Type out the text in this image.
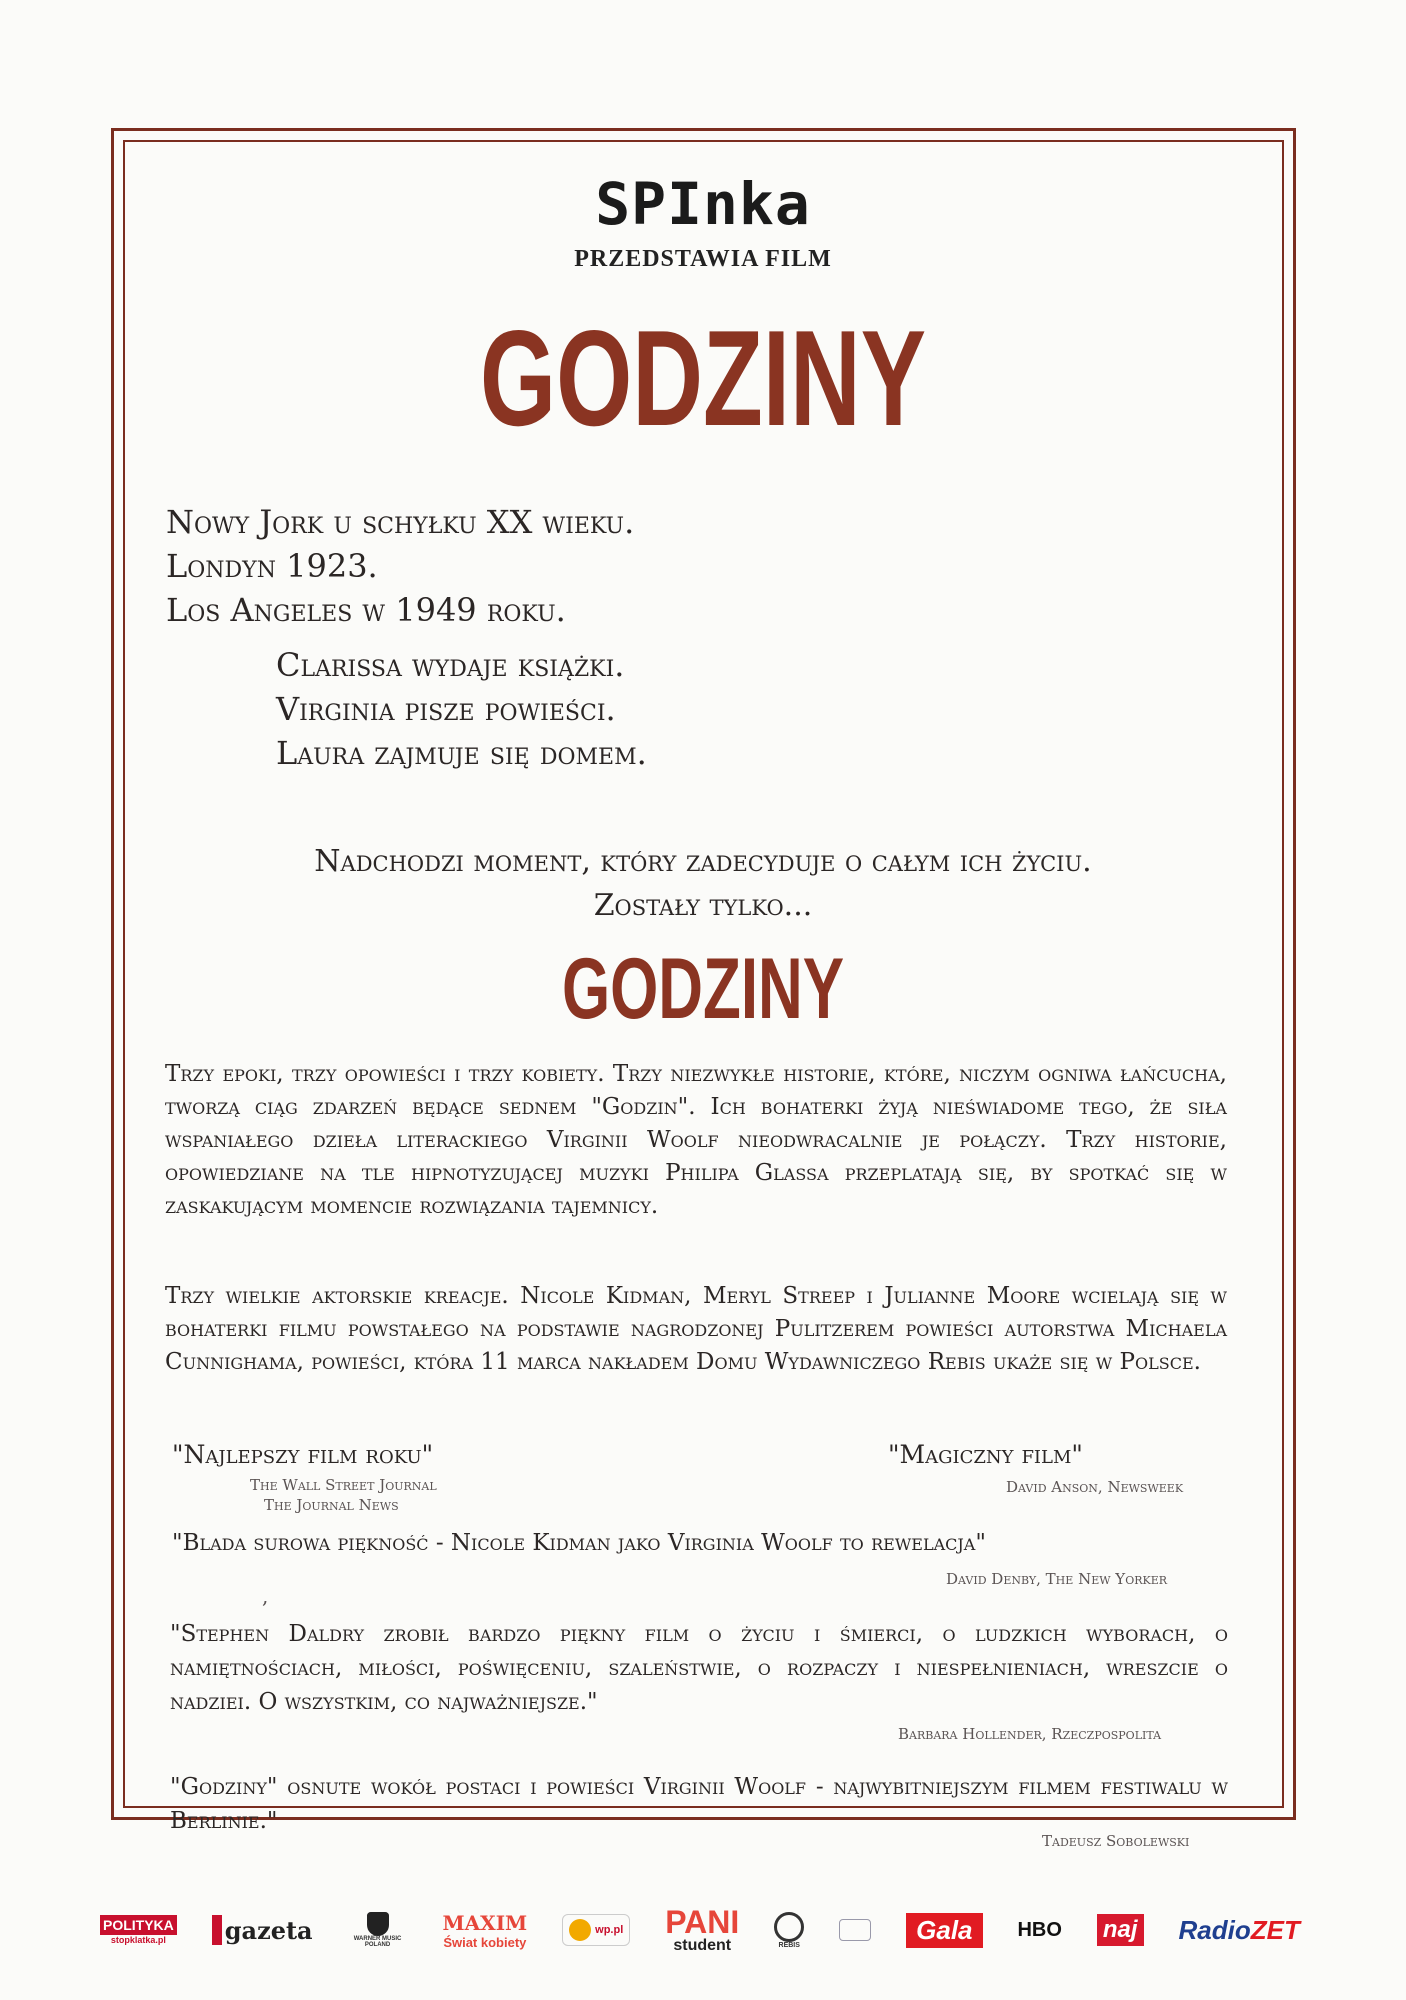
SPInka
PRZEDSTAWIA FILM
GODZINY
Nowy Jork u schyłku XX wieku.
Londyn 1923.
Los Angeles w 1949 roku.
Clarissa wydaje książki.
Virginia pisze powieści.
Laura zajmuje się domem.
Nadchodzi moment, który zadecyduje o całym ich życiu.
Zostały tylko...
GODZINY
Trzy epoki, trzy opowieści i trzy kobiety. Trzy niezwykłe historie, które, niczym ogniwa łańcucha, tworzą ciąg zdarzeń będące sednem "Godzin". Ich bohaterki żyją nieświadome tego, że siła wspaniałego dzieła literackiego Virginii Woolf nieodwracalnie je połączy. Trzy historie, opowiedziane na tle hipnotyzującej muzyki Philipa Glassa przeplatają się, by spotkać się w zaskakującym momencie rozwiązania tajemnicy.
Trzy wielkie aktorskie kreacje. Nicole Kidman, Meryl Streep i Julianne Moore wcielają się w bohaterki filmu powstałego na podstawie nagrodzonej Pulitzerem powieści autorstwa Michaela Cunnighama, powieści, która 11 marca nakładem Domu Wydawniczego Rebis ukaże się w Polsce.
"Najlepszy film roku"
The Wall Street Journal
The Journal News
"Magiczny film"
David Anson, Newsweek
"Blada surowa piękność - Nicole Kidman jako Virginia Woolf to rewelacja"
David Denby, The New Yorker
,
"Stephen Daldry zrobił bardzo piękny film o życiu i śmierci, o ludzkich wyborach, o namiętnościach, miłości, poświęceniu, szaleństwie, o rozpaczy i niespełnieniach, wreszcie o nadziei. O wszystkim, co najważniejsze."
Barbara Hollender, Rzeczpospolita
"Godziny" osnute wokół postaci i powieści Virginii Woolf - najwybitniejszym filmem festiwalu w Berlinie."
Tadeusz Sobolewski
POLITYKA
stopklatka.pl gazeta	WARNER MUSIC POLAND
MAXIM
Świat kobiety
wp.pl PANI
student	REBIS
Gala	HBO naj RadioZET
